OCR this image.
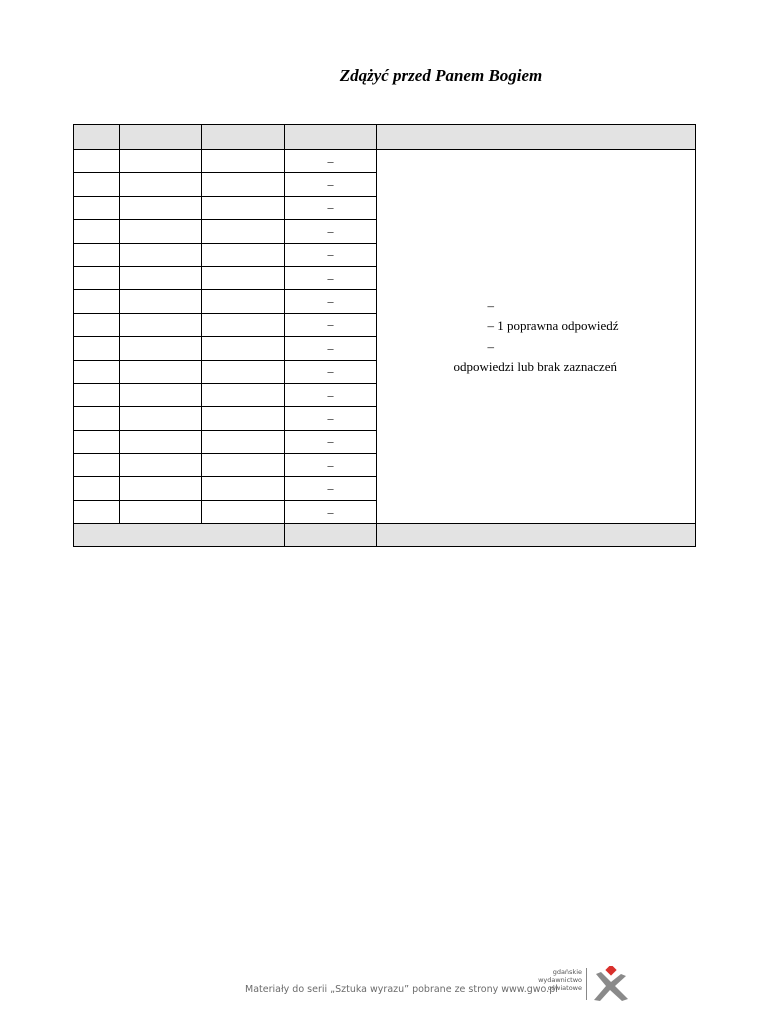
Zdążyć przed Panem Bogiem

			–	–
– 1 poprawna odpowiedź
–
odpowiedzi lub brak zaznaczeń

			–	
			–	
			–	
			–	
			–	
			–	
			–	
			–	
			–	
			–	
			–	
			–	
			–	
			–	
			–	

Materiały do serii „Sztuka wyrazu” pobrane ze strony www.gwo.pl
gdańskie
wydawnictwo
oświatowe
